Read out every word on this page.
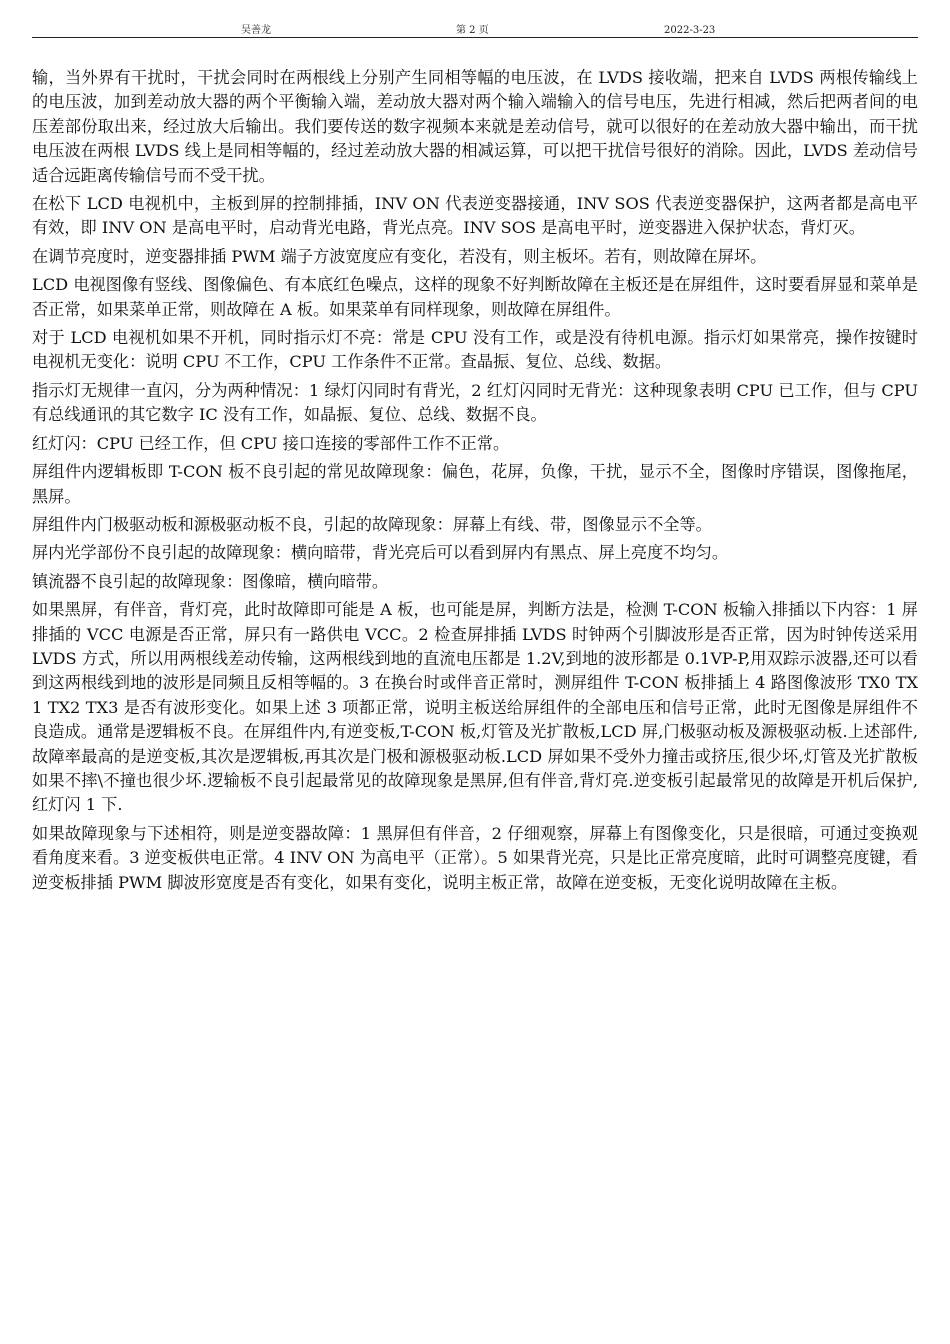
吴善龙	第 2 页	2022-3-23

输，当外界有干扰时，干扰会同时在两根线上分别产生同相等幅的电压波，在 LVDS 接收端，把来自 LVDS 两根传输线上的电压波，加到差动放大器的两个平衡输入端，差动放大器对两个输入端输入的信号电压，先进行相减，然后把两者间的电压差部份取出来，经过放大后输出。我们要传送的数字视频本来就是差动信号，就可以很好的在差动放大器中输出，而干扰电压波在两根 LVDS 线上是同相等幅的，经过差动放大器的相减运算，可以把干扰信号很好的消除。因此，LVDS 差动信号适合远距离传输信号而不受干扰。

在松下 LCD 电视机中，主板到屏的控制排插，INV ON 代表逆变器接通，INV SOS 代表逆变器保护，这两者都是高电平有效，即 INV ON 是高电平时，启动背光电路，背光点亮。INV SOS 是高电平时，逆变器进入保护状态，背灯灭。

在调节亮度时，逆变器排插 PWM 端子方波宽度应有变化，若没有，则主板坏。若有，则故障在屏坏。

LCD 电视图像有竖线、图像偏色、有本底红色噪点，这样的现象不好判断故障在主板还是在屏组件，这时要看屏显和菜单是否正常，如果菜单正常，则故障在 A 板。如果菜单有同样现象，则故障在屏组件。

对于 LCD 电视机如果不开机，同时指示灯不亮：常是 CPU 没有工作，或是没有待机电源。指示灯如果常亮，操作按键时电视机无变化：说明 CPU 不工作，CPU 工作条件不正常。查晶振、复位、总线、数据。

指示灯无规律一直闪，分为两种情况：1 绿灯闪同时有背光，2 红灯闪同时无背光：这种现象表明 CPU 已工作，但与 CPU 有总线通讯的其它数字 IC 没有工作，如晶振、复位、总线、数据不良。

红灯闪：CPU 已经工作，但 CPU 接口连接的零部件工作不正常。

屏组件内逻辑板即 T-CON 板不良引起的常见故障现象：偏色，花屏，负像，干扰，显示不全，图像时序错误，图像拖尾，黑屏。

屏组件内门极驱动板和源极驱动板不良，引起的故障现象：屏幕上有线、带，图像显示不全等。

屏内光学部份不良引起的故障现象：横向暗带，背光亮后可以看到屏内有黑点、屏上亮度不均匀。

镇流器不良引起的故障现象：图像暗，横向暗带。

如果黑屏，有伴音，背灯亮，此时故障即可能是 A 板，也可能是屏，判断方法是，检测 T-CON 板输入排插以下内容：1 屏排插的 VCC 电源是否正常，屏只有一路供电 VCC。2 检查屏排插 LVDS 时钟两个引脚波形是否正常，因为时钟传送采用 LVDS 方式，所以用两根线差动传输，这两根线到地的直流电压都是 1.2V,到地的波形都是 0.1VP-P,用双踪示波器,还可以看到这两根线到地的波形是同频且反相等幅的。3 在换台时或伴音正常时，测屏组件 T-CON 板排插上 4 路图像波形 TX0 TX1 TX2 TX3 是否有波形变化。如果上述 3 项都正常，说明主板送给屏组件的全部电压和信号正常，此时无图像是屏组件不良造成。通常是逻辑板不良。在屏组件内,有逆变板,T-CON 板,灯管及光扩散板,LCD 屏,门极驱动板及源极驱动板.上述部件,故障率最高的是逆变板,其次是逻辑板,再其次是门极和源极驱动板.LCD 屏如果不受外力撞击或挤压,很少坏,灯管及光扩散板如果不摔\不撞也很少坏.逻输板不良引起最常见的故障现象是黑屏,但有伴音,背灯亮.逆变板引起最常见的故障是开机后保护,红灯闪 1 下.

如果故障现象与下述相符，则是逆变器故障：1 黑屏但有伴音，2 仔细观察，屏幕上有图像变化，只是很暗，可通过变换观看角度来看。3 逆变板供电正常。4 INV ON 为高电平（正常）。5 如果背光亮，只是比正常亮度暗，此时可调整亮度键，看逆变板排插 PWM 脚波形宽度是否有变化，如果有变化，说明主板正常，故障在逆变板，无变化说明故障在主板。
